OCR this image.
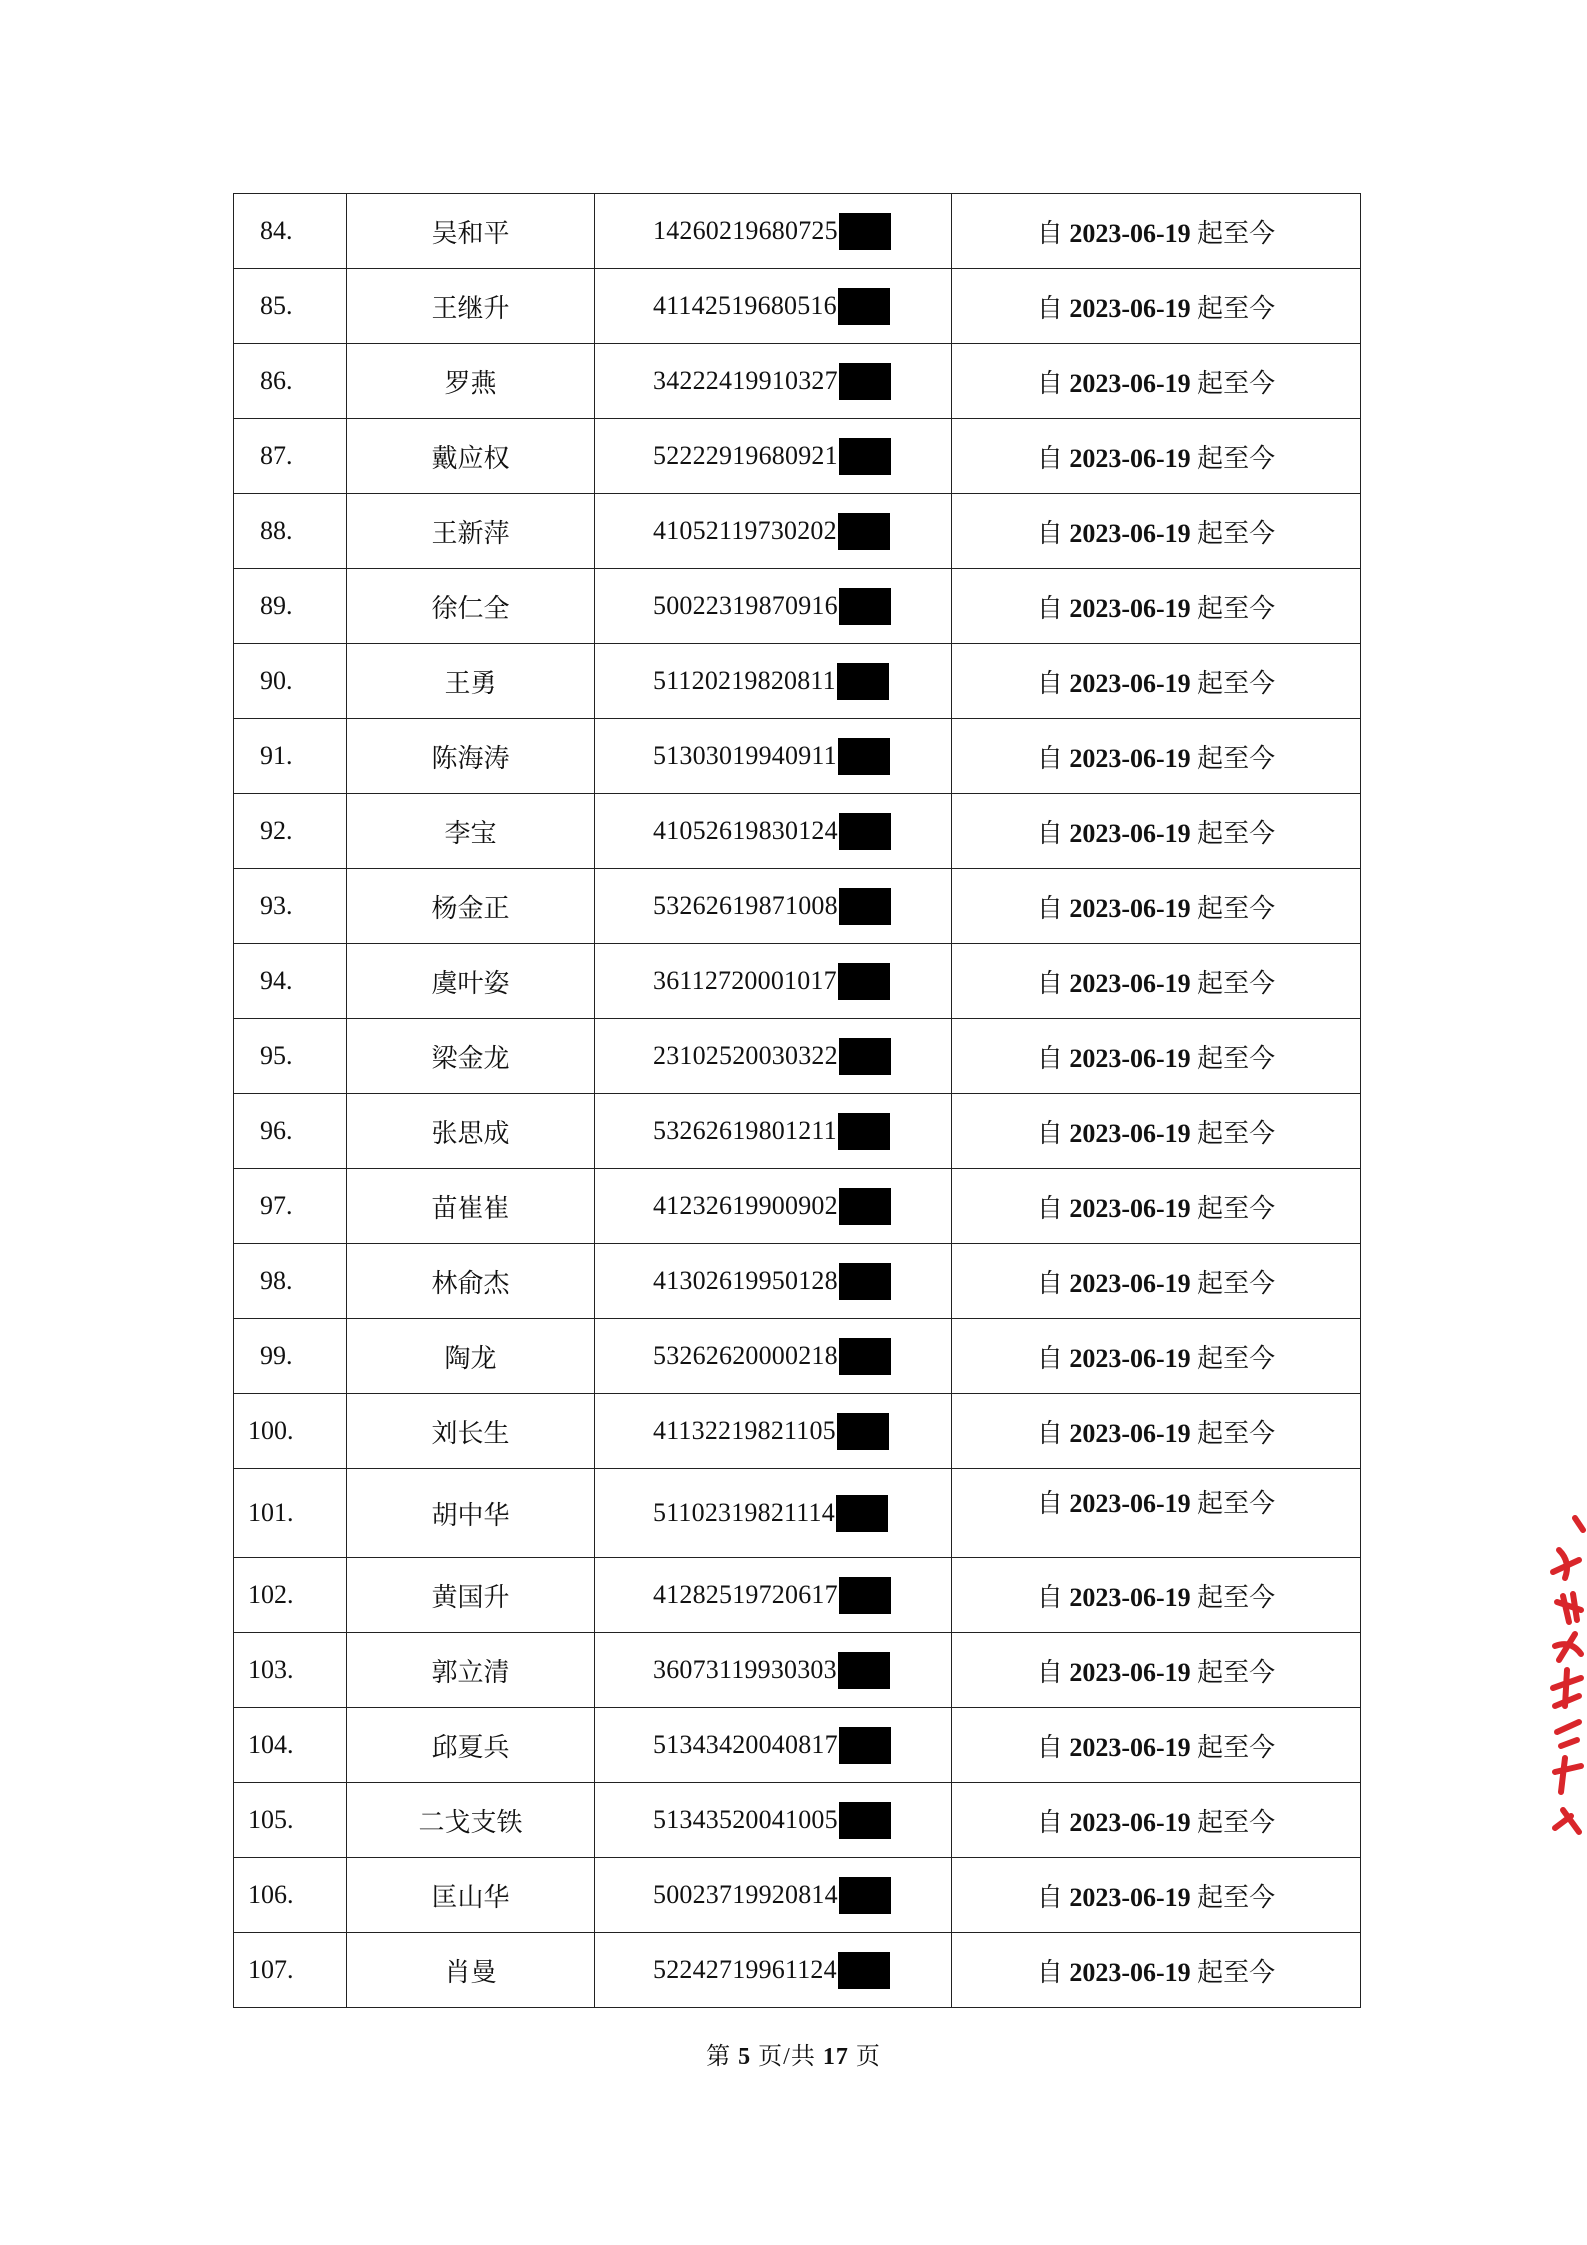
84.	吴和平	14260219680725	自 2023-06-19 起至今
85.	王继升	41142519680516	自 2023-06-19 起至今
86.	罗燕	34222419910327	自 2023-06-19 起至今
87.	戴应权	52222919680921	自 2023-06-19 起至今
88.	王新萍	41052119730202	自 2023-06-19 起至今
89.	徐仁全	50022319870916	自 2023-06-19 起至今
90.	王勇	51120219820811	自 2023-06-19 起至今
91.	陈海涛	51303019940911	自 2023-06-19 起至今
92.	李宝	41052619830124	自 2023-06-19 起至今
93.	杨金正	53262619871008	自 2023-06-19 起至今
94.	虞叶姿	36112720001017	自 2023-06-19 起至今
95.	梁金龙	23102520030322	自 2023-06-19 起至今
96.	张思成	53262619801211	自 2023-06-19 起至今
97.	苗崔崔	41232619900902	自 2023-06-19 起至今
98.	林俞杰	41302619950128	自 2023-06-19 起至今
99.	陶龙	53262620000218	自 2023-06-19 起至今
100.	刘长生	41132219821105	自 2023-06-19 起至今
101.	胡中华	51102319821114	自 2023-06-19 起至今
102.	黄国升	41282519720617	自 2023-06-19 起至今
103.	郭立清	36073119930303	自 2023-06-19 起至今
104.	邱夏兵	51343420040817	自 2023-06-19 起至今
105.	二戈支铁	51343520041005	自 2023-06-19 起至今
106.	匡山华	50023719920814	自 2023-06-19 起至今
107.	肖曼	52242719961124	自 2023-06-19 起至今
第 5 页/共 17 页
